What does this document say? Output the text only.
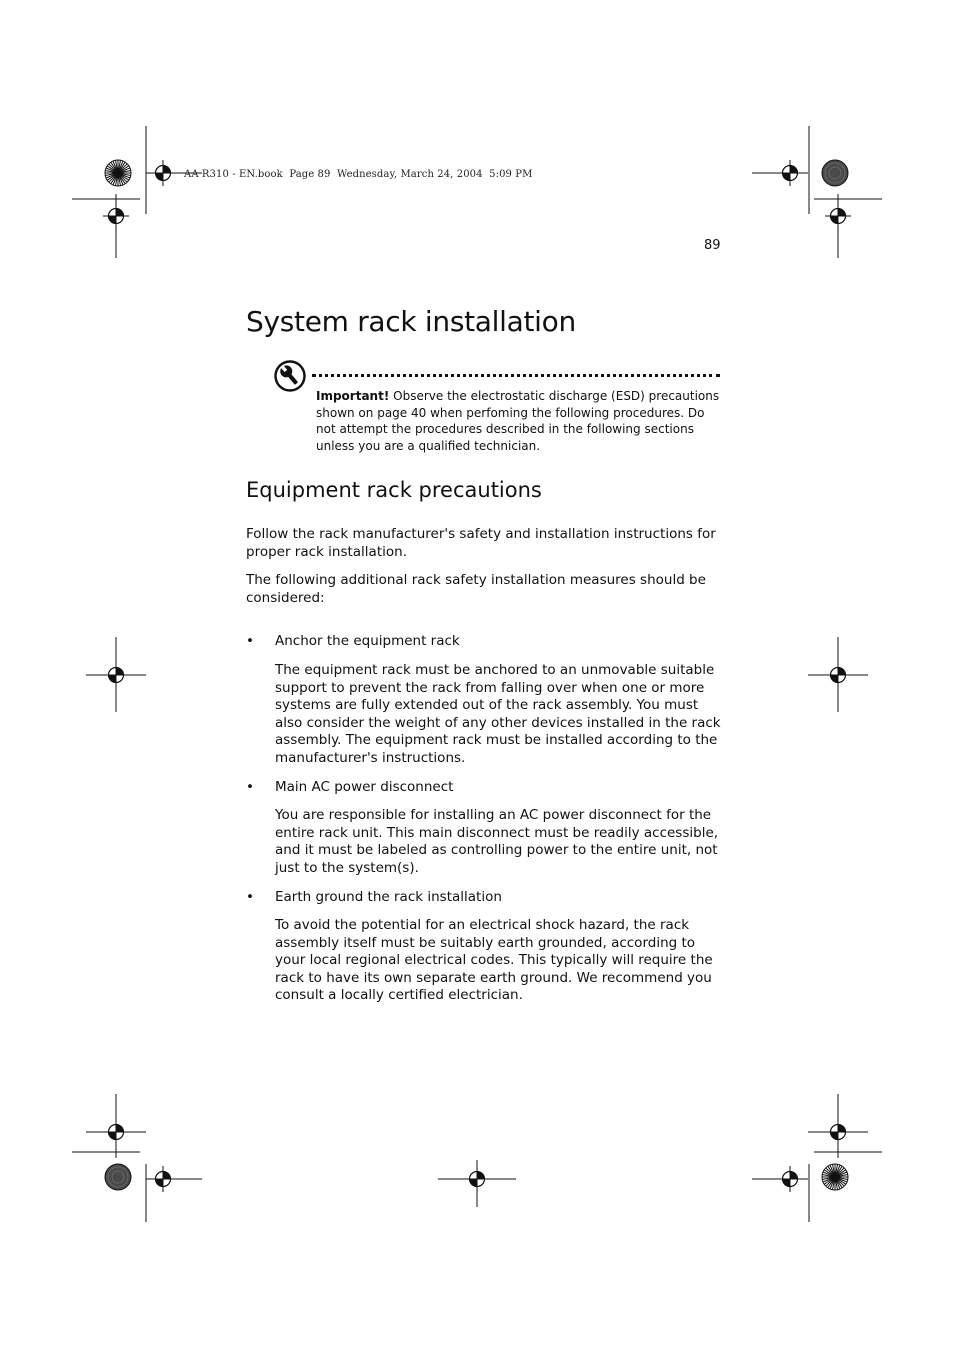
AA R310 - EN.book  Page 89  Wednesday, March 24, 2004  5:09 PM
89
System rack installation

Important! Observe the electrostatic discharge (ESD) precautions shown on page 40 when perfoming the following procedures. Do not attempt the procedures described in the following sections unless you are a qualified technician.

Equipment rack precautions

Follow the rack manufacturer's safety and installation instructions for proper rack installation.

The following additional rack safety installation measures should be considered:

• Anchor the equipment rack
The equipment rack must be anchored to an unmovable suitable support to prevent the rack from falling over when one or more systems are fully extended out of the rack assembly. You must also consider the weight of any other devices installed in the rack assembly. The equipment rack must be installed according to the manufacturer's instructions.
• Main AC power disconnect
You are responsible for installing an AC power disconnect for the entire rack unit. This main disconnect must be readily accessible, and it must be labeled as controlling power to the entire unit, not just to the system(s).
• Earth ground the rack installation
To avoid the potential for an electrical shock hazard, the rack assembly itself must be suitably earth grounded, according to your local regional electrical codes. This typically will require the rack to have its own separate earth ground. We recommend you consult a locally certified electrician.
